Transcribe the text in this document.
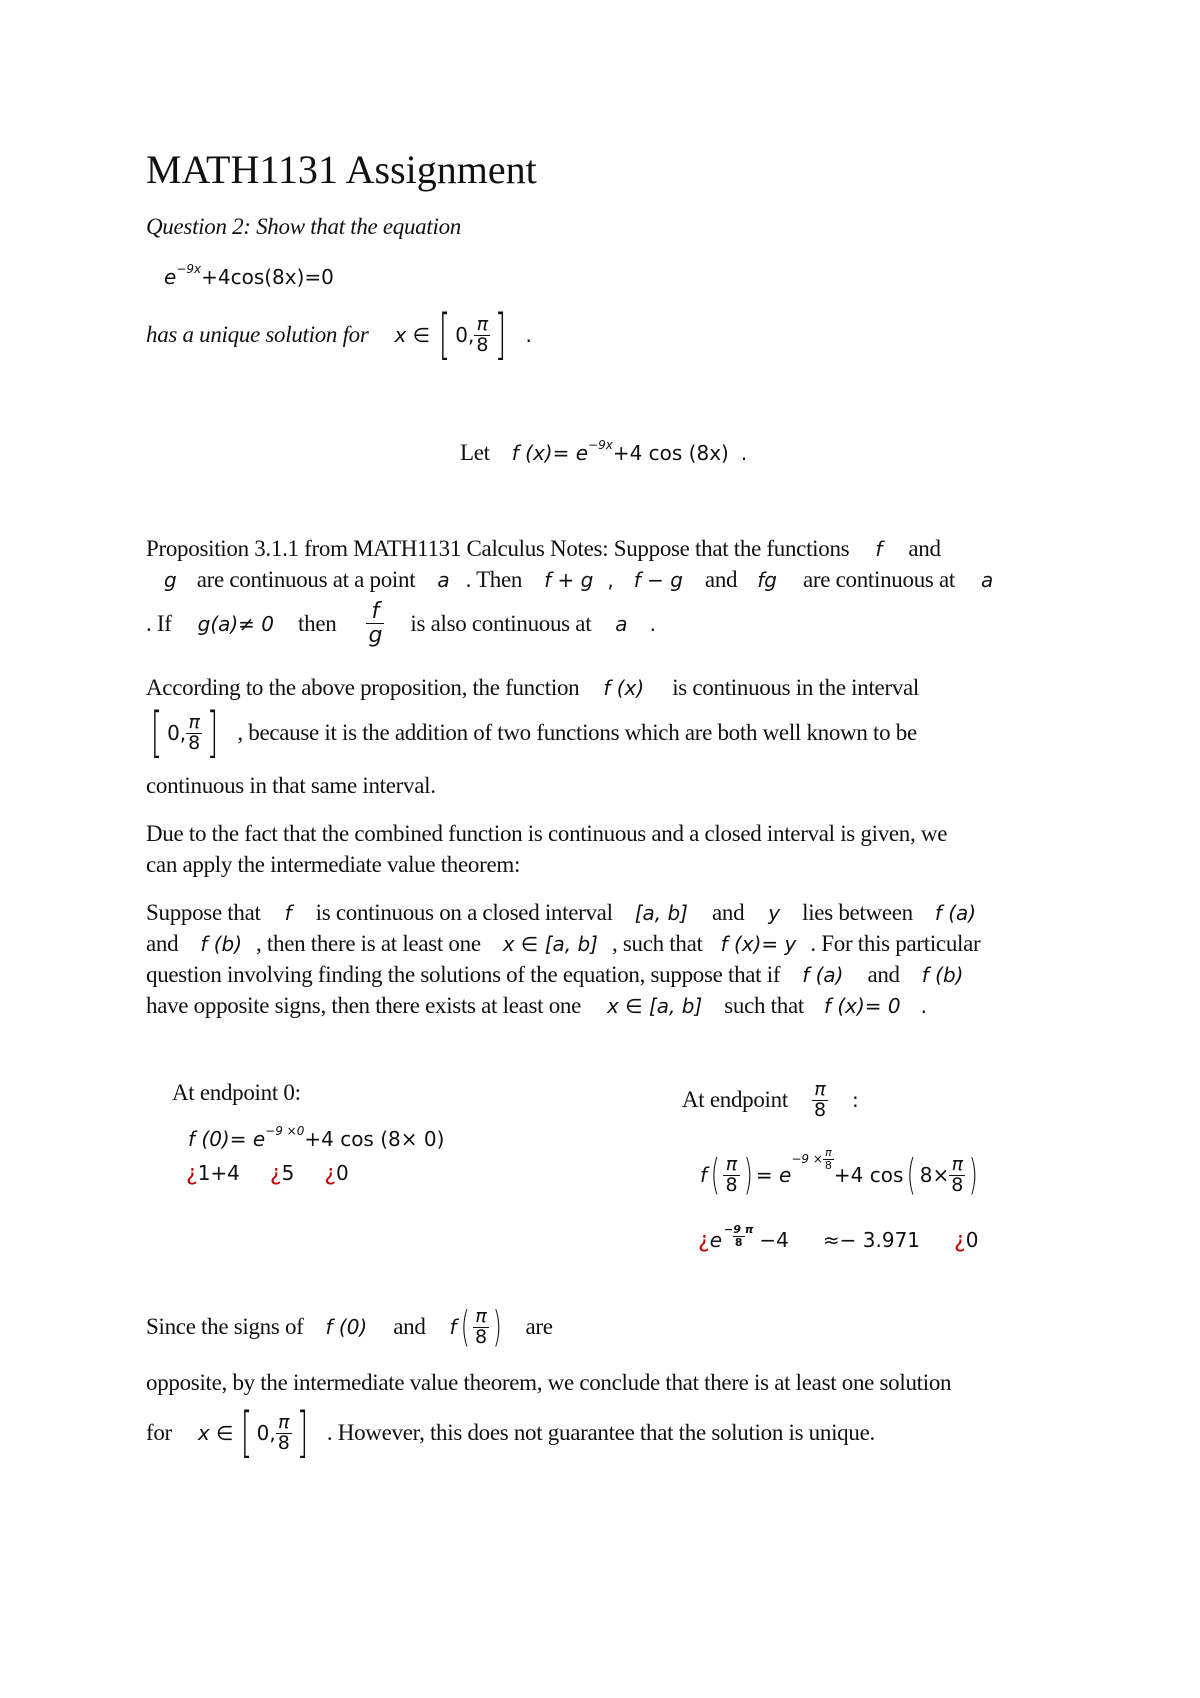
MATH1131 Assignment
Question 2: Show that the equation
$e^{-9x}+4\cos(8x)=0$
has a unique solution for x ∈ [ 0, $\frac{\pi}{8}$ ] .
Let f (x)= e −9x +4 cos (8x) .
Proposition 3.1.1 from MATH1131 Calculus Notes: Suppose that the functions f and
g are continuous at a point a . Then f + g , f − g and fg are continuous at a
. If g(a)≠ 0 then $\frac{f}{g}$ is also continuous at a .
According to the above proposition, the function f (x) is continuous in the interval
[ 0, $\frac{\pi}{8}$ ] , because it is the addition of two functions which are both well known to be
continuous in that same interval.
Due to the fact that the combined function is continuous and a closed interval is given, we
can apply the intermediate value theorem:
Suppose that f is continuous on a closed interval [a, b] and y lies between f (a)
and f (b) , then there is at least one x ∈ [a, b] , such that f (x)= y . For this particular
question involving finding the solutions of the equation, suppose that if f (a) and f (b)
have opposite signs, then there exists at least one x ∈ [a, b] such that f (x)= 0 .
At endpoint 0:
f $(0)= e^{-9 \times 0}+4$ cos (8× 0)
¿ 1+4 ¿ 5 ¿ 0
At endpoint $\frac{\pi}{8}$ :
f ( $\frac{\pi}{8}$ ) = e
$-9 \times \frac{\pi}{8}$
+4 cos ( $8\times \frac{\pi}{8}$ )
¿ e $\frac{-9 \pi}{8} -4 \approx- 3.971$ ¿ 0
Since the signs of f (0) and f ( $\frac{\pi}{8}$ ) are
opposite, by the intermediate value theorem, we conclude that there is at least one solution
for x ∈ [ 0, $\frac{\pi}{8}$ ] . However, this does not guarantee that the solution is unique.
